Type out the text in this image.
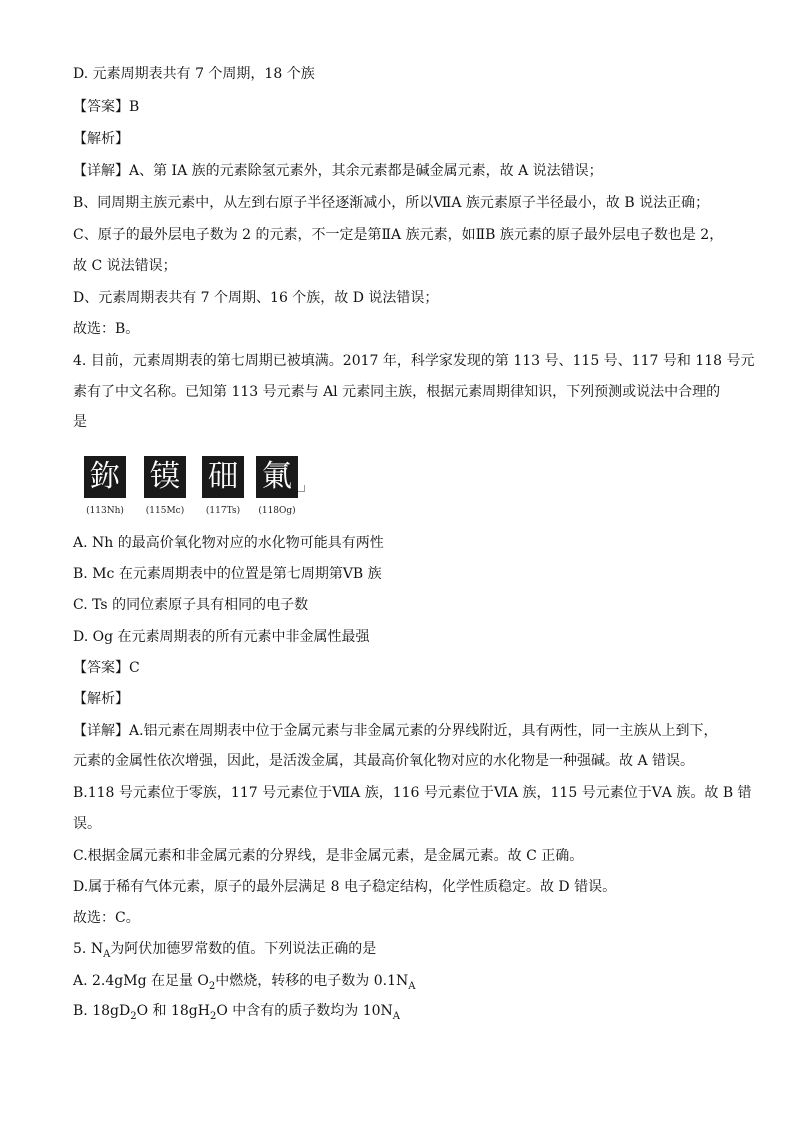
D. 元素周期表共有 7 个周期，18 个族
【答案】B
【解析】
【详解】A、第 IA 族的元素除氢元素外，其余元素都是碱金属元素，故 A 说法错误；
B、同周期主族元素中，从左到右原子半径逐渐减小，所以ⅦA 族元素原子半径最小，故 B 说法正确；
C、原子的最外层电子数为 2 的元素，不一定是第ⅡA 族元素，如ⅡB 族元素的原子最外层电子数也是 2，
故 C 说法错误；
D、元素周期表共有 7 个周期、16 个族，故 D 说法错误；
故选：B。
4. 目前，元素周期表的第七周期已被填满。2017 年，科学家发现的第 113 号、115 号、117 号和 118 号元
素有了中文名称。已知第 113 号元素与 Al 元素同主族，根据元素周期律知识，下列预测或说法中合理的
是
鉨
(113Nh)
镆
(115Mc)
鿬
(117Ts)
氭
(118Og)
A. Nh 的最高价氧化物对应的水化物可能具有两性
B. Mc 在元素周期表中的位置是第七周期第ⅤB 族
C. Ts 的同位素原子具有相同的电子数
D. Og 在元素周期表的所有元素中非金属性最强
【答案】C
【解析】
【详解】A.铝元素在周期表中位于金属元素与非金属元素的分界线附近，具有两性，同一主族从上到下，
元素的金属性依次增强，因此，是活泼金属，其最高价氧化物对应的水化物是一种强碱。故 A 错误。
B.118 号元素位于零族，117 号元素位于ⅦA 族，116 号元素位于ⅥA 族，115 号元素位于ⅤA 族。故 B 错
误。
C.根据金属元素和非金属元素的分界线，是非金属元素，是金属元素。故 C 正确。
D.属于稀有气体元素，原子的最外层满足 8 电子稳定结构，化学性质稳定。故 D 错误。
故选：C。
5. $N_A$为阿伏加德罗常数的值。下列说法正确的是
A. 2.4gMg 在足量 $O_2$中燃烧，转移的电子数为 $0.1N_A$
B. $18gD_2O$ 和 $18gH_2O$ 中含有的质子数均为 $10N_A$
